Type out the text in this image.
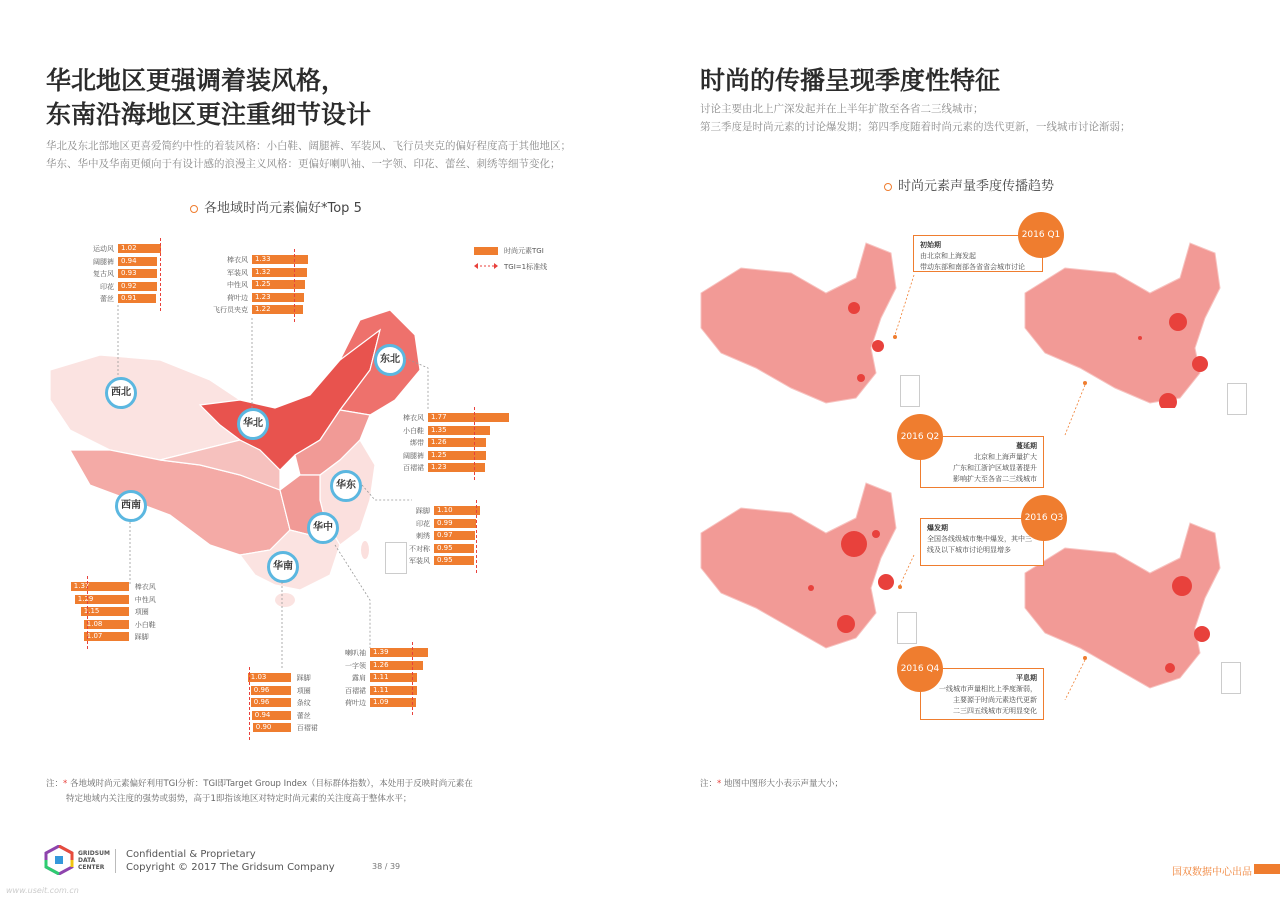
华北地区更强调着装风格，
东南沿海地区更注重细节设计
华北及东北部地区更喜爱简约中性的着装风格：小白鞋、阔腿裤、军装风、飞行员夹克的偏好程度高于其他地区；
华东、华中及华南更倾向于有设计感的浪漫主义风格：更偏好喇叭袖、一字领、印花、蕾丝、刺绣等细节变化；
各地域时尚元素偏好*Top 5
时尚元素TGI
TGI=1标准线
西北
华北
东北
华东
西南
华中
华南
运动风	1.02
阔腿裤	0.94
复古风	0.93
印花	0.92
蕾丝	0.91
棒衣风	1.33
军装风	1.32
中性风	1.25
荷叶边	1.23
飞行员夹克	1.22
棒衣风	1.77
小白鞋	1.35
绑带	1.26
阔腿裤	1.25
百褶裙	1.23
踩脚	1.10
印花	0.99
刺绣	0.97
不对称	0.95
军装风	0.95
棒衣风
1.37
中性风
1.29
项圈
1.15
小白鞋
1.08
踩脚
1.07
踩脚
1.03
项圈
0.96
条纹
0.96
蕾丝
0.94
百褶裙
0.90
喇叭袖	1.39
一字领	1.26
露肩	1.11
百褶裙	1.11
荷叶边	1.09
注：* 各地域时尚元素偏好利用TGI分析：TGI即Target Group Index（目标群体指数），本处用于反映时尚元素在
特定地域内关注度的强势或弱势，高于1即指该地区对特定时尚元素的关注度高于整体水平；
时尚的传播呈现季度性特征
讨论主要由北上广深发起并在上半年扩散至各省二三线城市；
第三季度是时尚元素的讨论爆发期；第四季度随着时尚元素的迭代更新，一线城市讨论渐弱；
时尚元素声量季度传播趋势
初始期
由北京和上海发起
带动东部和南部各省省会城市讨论
2016 Q1
蔓延期
北京和上海声量扩大
广东和江浙沪区域显著提升
影响扩大至各省二三线城市
2016 Q2
爆发期
全国各线级城市集中爆发，其中三
线及以下城市讨论明显增多
2016 Q3
平息期
一线城市声量相比上季度渐弱，
主要源于时尚元素迭代更新
二三四五线城市无明显变化
2016 Q4
注：* 地图中图形大小表示声量大小；
GRIDSUM
DATA
CENTER
Confidential & Proprietary
Copyright © 2017 The Gridsum Company	38 / 39
国双数据中心出品
www.useit.com.cn
